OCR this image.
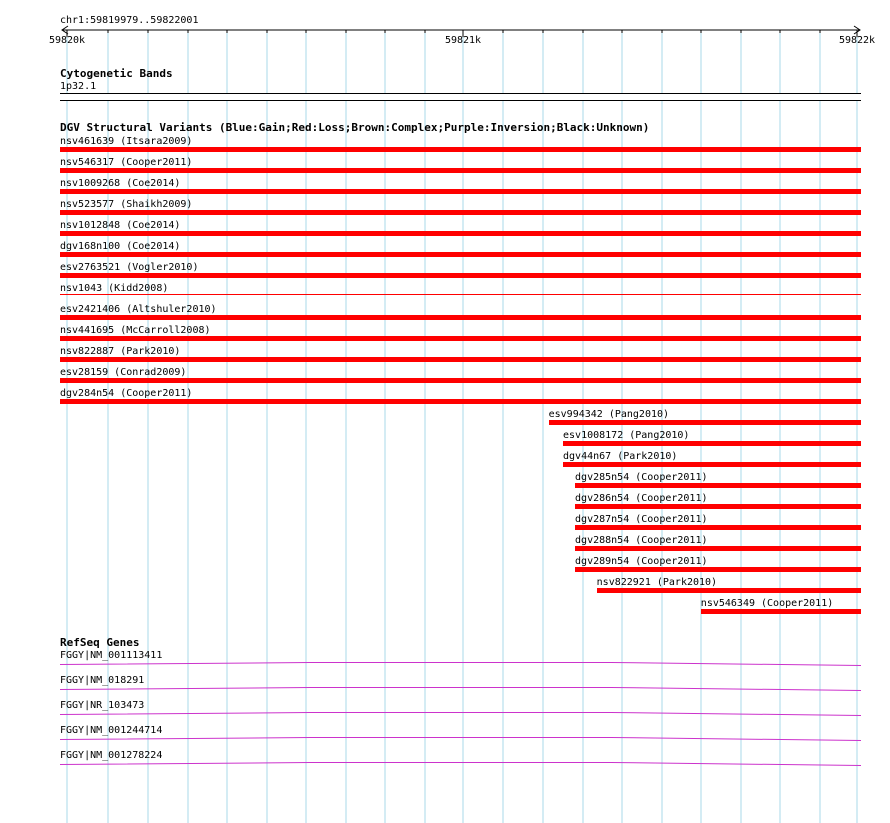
chr1:59819979..59822001
59820k	59821k	59822k
Cytogenetic Bands
1p32.1
DGV Structural Variants (Blue:Gain;Red:Loss;Brown:Complex;Purple:Inversion;Black:Unknown)
nsv461639 (Itsara2009)
nsv546317 (Cooper2011)
nsv1009268 (Coe2014)
nsv523577 (Shaikh2009)
nsv1012848 (Coe2014)
dgv168n100 (Coe2014)
esv2763521 (Vogler2010)
nsv1043 (Kidd2008)
esv2421406 (Altshuler2010)
nsv441695 (McCarroll2008)
nsv822887 (Park2010)
esv28159 (Conrad2009)
dgv284n54 (Cooper2011)
esv994342 (Pang2010)
esv1008172 (Pang2010)
dgv44n67 (Park2010)
dgv285n54 (Cooper2011)
dgv286n54 (Cooper2011)
dgv287n54 (Cooper2011)
dgv288n54 (Cooper2011)
dgv289n54 (Cooper2011)
nsv822921 (Park2010)
nsv546349 (Cooper2011)
RefSeq Genes
FGGY|NM_001113411
FGGY|NM_018291
FGGY|NR_103473
FGGY|NM_001244714
FGGY|NM_001278224
